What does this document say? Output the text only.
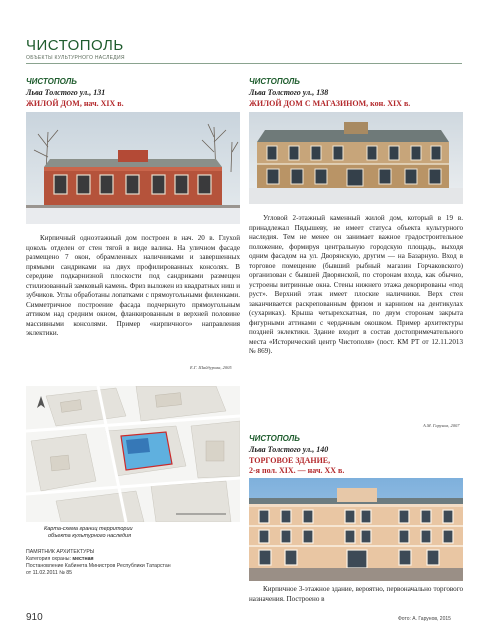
ЧИСТОПОЛЬ
ОБЪЕКТЫ КУЛЬТУРНОГО НАСЛЕДИЯ
ЧИСТОПОЛЬ
Льва Толстого ул., 131
ЖИЛОЙ ДОМ, нач. XIX в.
Кирпичный одноэтажный дом построен в нач. 20 в. Глухой цоколь отделен от стен тягой в виде валика. На уличном фасаде размещено 7 окон, обрамленных наличниками и завершенных прямыми сандриками на двух профилированных консолях. В середине подкарнизной плоскости под сандриками размещен стилизованный замковый камень. Фриз выложен из квадратных ниш и зубчиков. Углы обработаны лопатками с прямоугольными филенками. Симметричное построение фасада подчеркнуто прямоугольным аттиком над средним окном, фланкированным в верхней половине массивными консолями. Пример «кирпичного» направления эклектики.
Е.Г. Шайдурова, 2005
Карта-схема границ территории
объекта культурного наследия
ПАМЯТНИК АРХИТЕКТУРЫ
Категория охраны: местная
Постановление Кабинета Министров Республики Татарстан
от 11.02.2011 № 85
ЧИСТОПОЛЬ
Льва Толстого ул., 138
ЖИЛОЙ ДОМ С МАГАЗИНОМ, кон. XIX в.
Угловой 2-этажный каменный жилой дом, который в 19 в. принадлежал Пядышеву, не имеет статуса объекта культурного наследия. Тем не менее он занимает важное градостроительное положение, формируя центральную городскую площадь, выходя одним фасадом на ул. Дворянскую, другим — на Базарную. Вход в торговое помещение (бывший рыбный магазин Горчаковского) организован с бывшей Дворянской, по сторонам входа, как обычно, устроены витринные окна. Стены нижнего этажа декорированы «под руст». Верхний этаж имеет плоские наличники. Верх стен заканчивается раскрепованным фризом и карнизом на дентикулах (сухариках). Крыша четырехскатная, по двум сторонам закрыта фигурными аттиками с чердачным окошком. Пример архитектуры поздней эклектики. Здание входит в состав достопримечательного места «Исторический центр Чистополя» (пост. КМ РТ от 12.11.2013 № 869).
А.М. Гарунов, 2007
ЧИСТОПОЛЬ
Льва Толстого ул., 140
ТОРГОВОЕ ЗДАНИЕ,
2-я пол. XIX. — нач. XX в.
Кирпичное 3-этажное здание, вероятно, первоначально торгового назначения. Построено в
910	Фото: А. Гарунов, 2015
